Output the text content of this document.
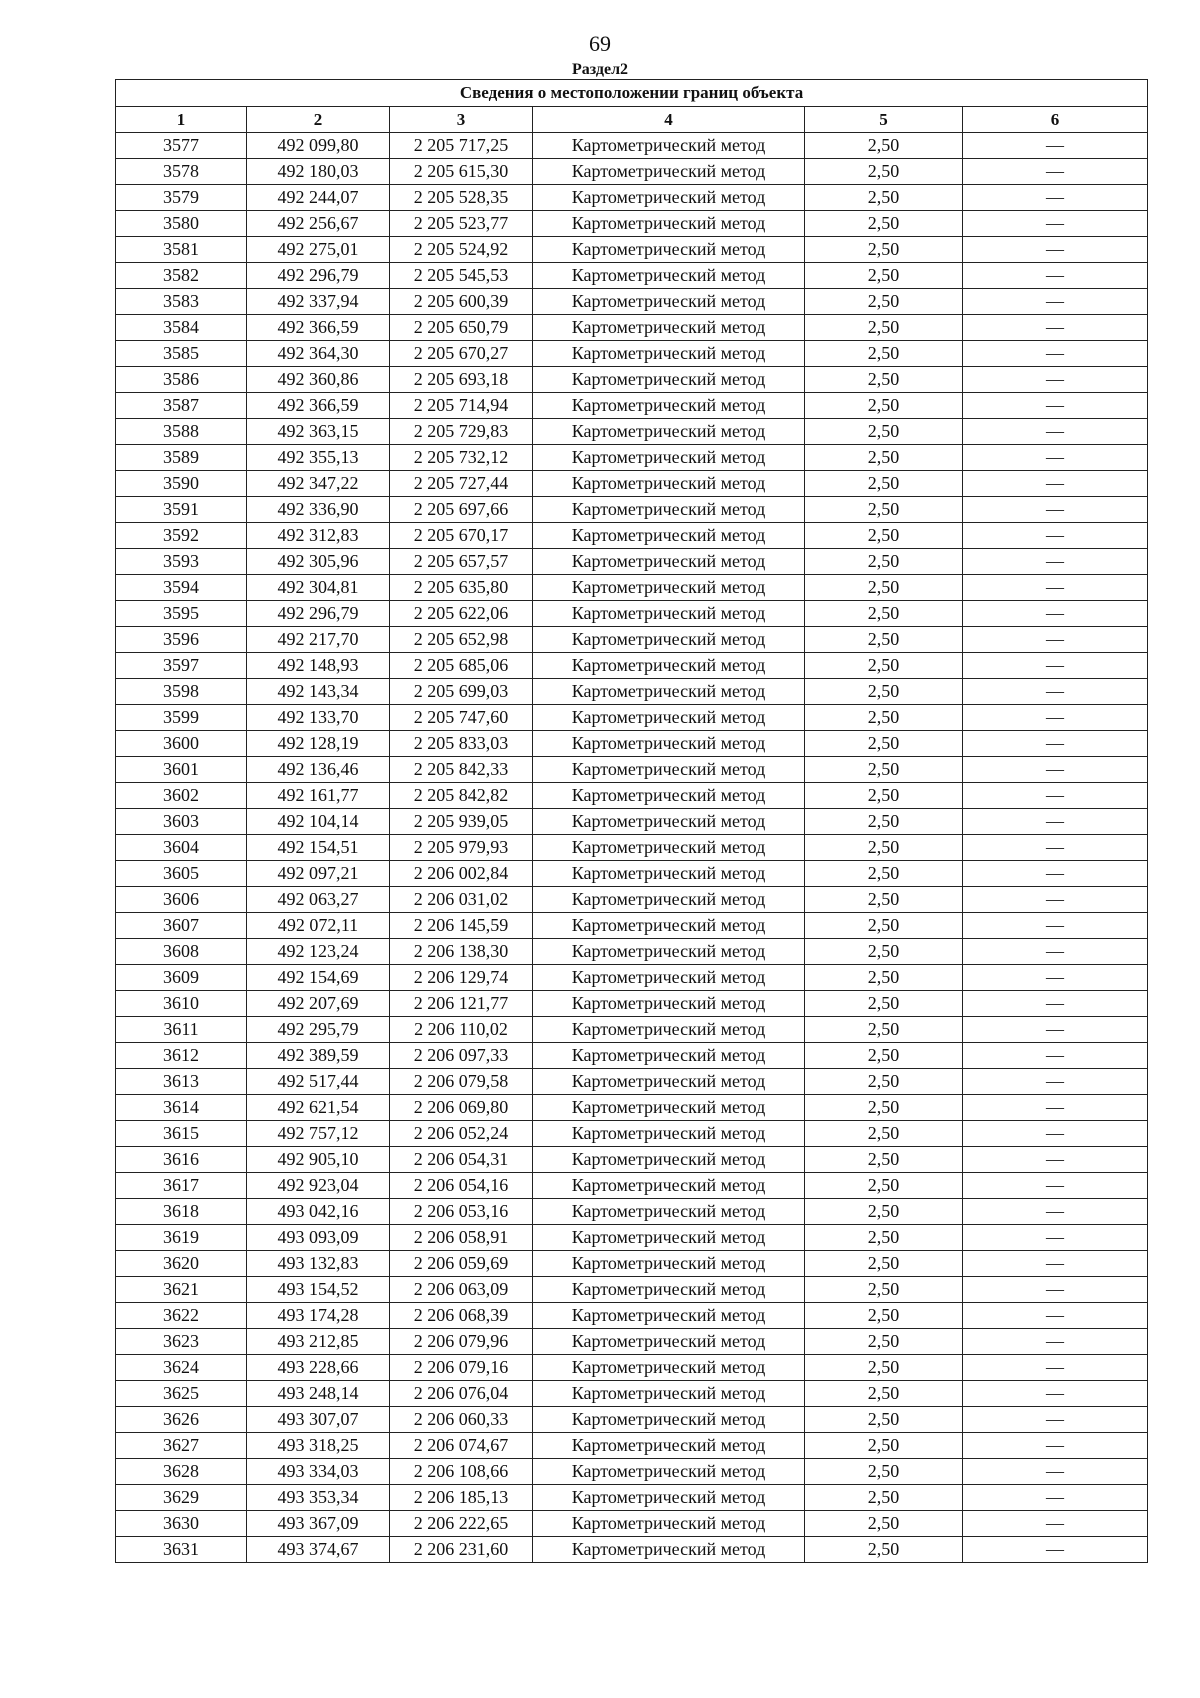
69
Раздел2
Сведения о местоположении границ объекта					
1	2	3	4	5	6
3577	492 099,80	2 205 717,25	Картометрический метод	2,50	—
3578	492 180,03	2 205 615,30	Картометрический метод	2,50	—
3579	492 244,07	2 205 528,35	Картометрический метод	2,50	—
3580	492 256,67	2 205 523,77	Картометрический метод	2,50	—
3581	492 275,01	2 205 524,92	Картометрический метод	2,50	—
3582	492 296,79	2 205 545,53	Картометрический метод	2,50	—
3583	492 337,94	2 205 600,39	Картометрический метод	2,50	—
3584	492 366,59	2 205 650,79	Картометрический метод	2,50	—
3585	492 364,30	2 205 670,27	Картометрический метод	2,50	—
3586	492 360,86	2 205 693,18	Картометрический метод	2,50	—
3587	492 366,59	2 205 714,94	Картометрический метод	2,50	—
3588	492 363,15	2 205 729,83	Картометрический метод	2,50	—
3589	492 355,13	2 205 732,12	Картометрический метод	2,50	—
3590	492 347,22	2 205 727,44	Картометрический метод	2,50	—
3591	492 336,90	2 205 697,66	Картометрический метод	2,50	—
3592	492 312,83	2 205 670,17	Картометрический метод	2,50	—
3593	492 305,96	2 205 657,57	Картометрический метод	2,50	—
3594	492 304,81	2 205 635,80	Картометрический метод	2,50	—
3595	492 296,79	2 205 622,06	Картометрический метод	2,50	—
3596	492 217,70	2 205 652,98	Картометрический метод	2,50	—
3597	492 148,93	2 205 685,06	Картометрический метод	2,50	—
3598	492 143,34	2 205 699,03	Картометрический метод	2,50	—
3599	492 133,70	2 205 747,60	Картометрический метод	2,50	—
3600	492 128,19	2 205 833,03	Картометрический метод	2,50	—
3601	492 136,46	2 205 842,33	Картометрический метод	2,50	—
3602	492 161,77	2 205 842,82	Картометрический метод	2,50	—
3603	492 104,14	2 205 939,05	Картометрический метод	2,50	—
3604	492 154,51	2 205 979,93	Картометрический метод	2,50	—
3605	492 097,21	2 206 002,84	Картометрический метод	2,50	—
3606	492 063,27	2 206 031,02	Картометрический метод	2,50	—
3607	492 072,11	2 206 145,59	Картометрический метод	2,50	—
3608	492 123,24	2 206 138,30	Картометрический метод	2,50	—
3609	492 154,69	2 206 129,74	Картометрический метод	2,50	—
3610	492 207,69	2 206 121,77	Картометрический метод	2,50	—
3611	492 295,79	2 206 110,02	Картометрический метод	2,50	—
3612	492 389,59	2 206 097,33	Картометрический метод	2,50	—
3613	492 517,44	2 206 079,58	Картометрический метод	2,50	—
3614	492 621,54	2 206 069,80	Картометрический метод	2,50	—
3615	492 757,12	2 206 052,24	Картометрический метод	2,50	—
3616	492 905,10	2 206 054,31	Картометрический метод	2,50	—
3617	492 923,04	2 206 054,16	Картометрический метод	2,50	—
3618	493 042,16	2 206 053,16	Картометрический метод	2,50	—
3619	493 093,09	2 206 058,91	Картометрический метод	2,50	—
3620	493 132,83	2 206 059,69	Картометрический метод	2,50	—
3621	493 154,52	2 206 063,09	Картометрический метод	2,50	—
3622	493 174,28	2 206 068,39	Картометрический метод	2,50	—
3623	493 212,85	2 206 079,96	Картометрический метод	2,50	—
3624	493 228,66	2 206 079,16	Картометрический метод	2,50	—
3625	493 248,14	2 206 076,04	Картометрический метод	2,50	—
3626	493 307,07	2 206 060,33	Картометрический метод	2,50	—
3627	493 318,25	2 206 074,67	Картометрический метод	2,50	—
3628	493 334,03	2 206 108,66	Картометрический метод	2,50	—
3629	493 353,34	2 206 185,13	Картометрический метод	2,50	—
3630	493 367,09	2 206 222,65	Картометрический метод	2,50	—
3631	493 374,67	2 206 231,60	Картометрический метод	2,50	—
